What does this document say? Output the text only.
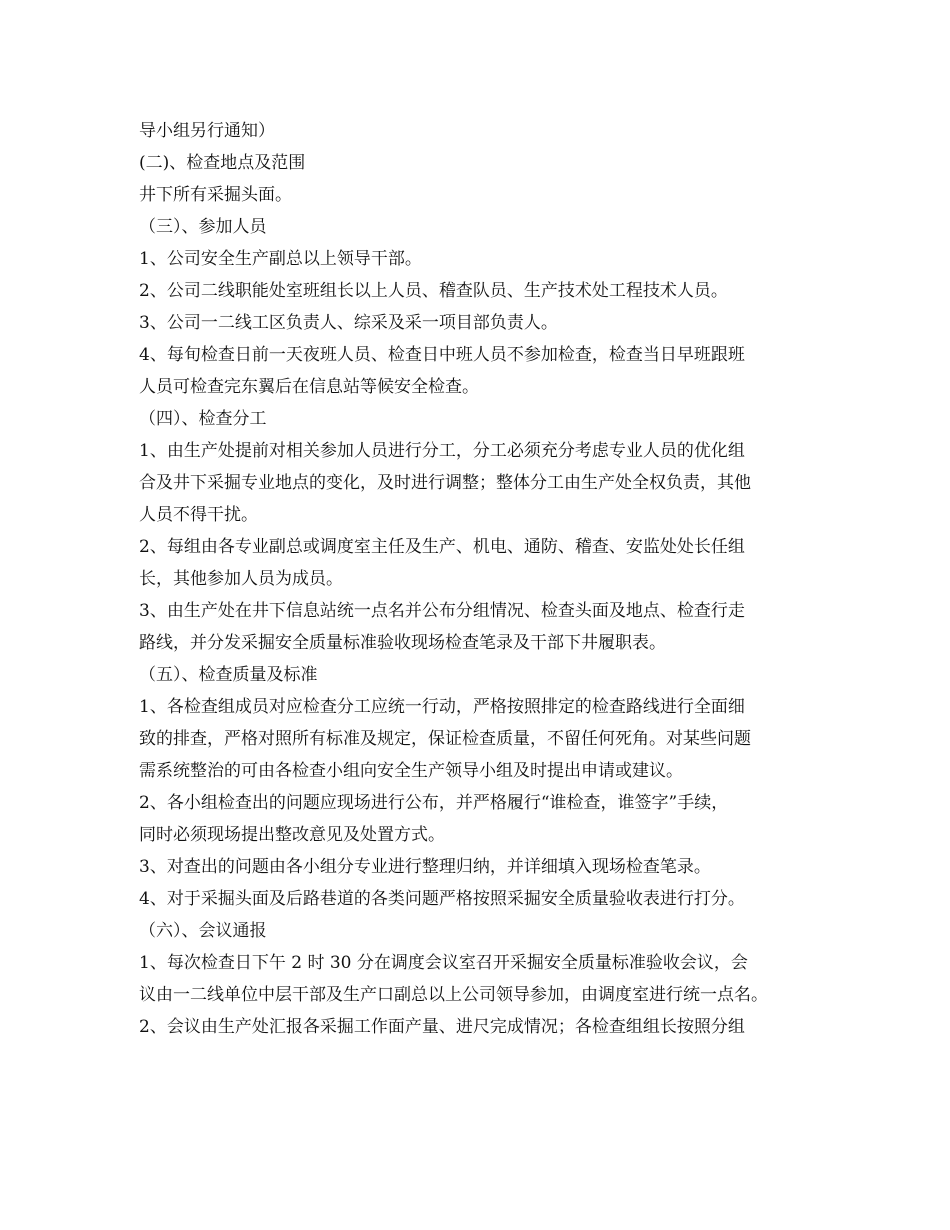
导小组另行通知）
(二)、检查地点及范围
井下所有采掘头面。
（三）、参加人员
1、公司安全生产副总以上领导干部。
2、公司二线职能处室班组长以上人员、稽查队员、生产技术处工程技术人员。
3、公司一二线工区负责人、综采及采一项目部负责人。
4、每旬检查日前一天夜班人员、检查日中班人员不参加检查，检查当日早班跟班
人员可检查完东翼后在信息站等候安全检查。
（四）、检查分工
1、由生产处提前对相关参加人员进行分工，分工必须充分考虑专业人员的优化组
合及井下采掘专业地点的变化，及时进行调整；整体分工由生产处全权负责，其他
人员不得干扰。
2、每组由各专业副总或调度室主任及生产、机电、通防、稽查、安监处处长任组
长，其他参加人员为成员。
3、由生产处在井下信息站统一点名并公布分组情况、检查头面及地点、检查行走
路线，并分发采掘安全质量标准验收现场检查笔录及干部下井履职表。
（五）、检查质量及标准
1、各检查组成员对应检查分工应统一行动，严格按照排定的检查路线进行全面细
致的排查，严格对照所有标准及规定，保证检查质量，不留任何死角。对某些问题
需系统整治的可由各检查小组向安全生产领导小组及时提出申请或建议。
2、各小组检查出的问题应现场进行公布，并严格履行“谁检查，谁签字”手续，
同时必须现场提出整改意见及处置方式。
3、对查出的问题由各小组分专业进行整理归纳，并详细填入现场检查笔录。
4、对于采掘头面及后路巷道的各类问题严格按照采掘安全质量验收表进行打分。
（六）、会议通报
1、每次检查日下午 2 时 30 分在调度会议室召开采掘安全质量标准验收会议，会
议由一二线单位中层干部及生产口副总以上公司领导参加，由调度室进行统一点名。
2、会议由生产处汇报各采掘工作面产量、进尺完成情况；各检查组组长按照分组
